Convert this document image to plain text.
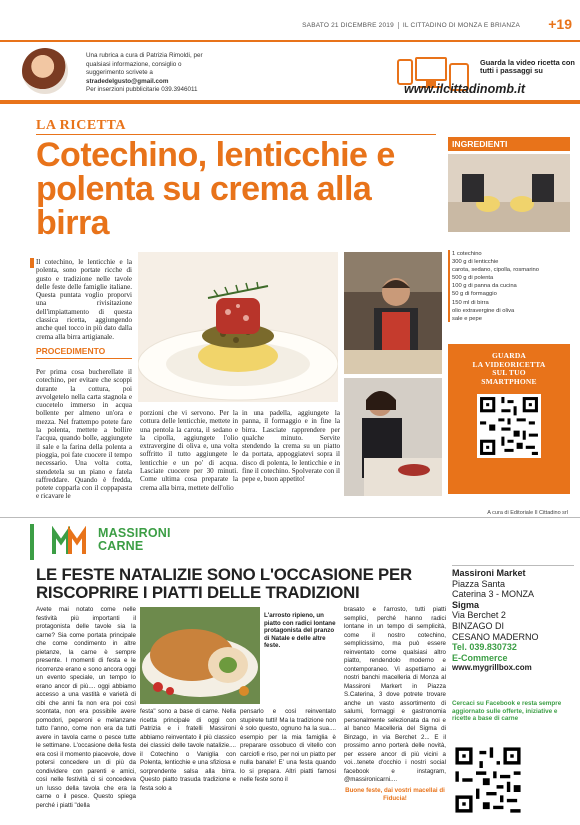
SABATO 21 DICEMBRE 2019 IL CITTADINO DI MONZA E BRIANZA +19
Una rubrica a cura di Patrizia Rimoldi, per
qualsiasi informazione, consiglio o
suggerimento scrivete a
stradedelgusto@gmail.com
Per inserzioni pubblicitarie 039.3946011
Guarda la video ricetta con tutti i passaggi su
www.ilcittadinomb.it
LA RICETTA
Cotechino, lenticchie e polenta su crema alla birra
Il cotechino, le lenticchie e la polenta, sono portate ricche di gusto e tradizione nelle tavole delle feste delle famiglie italiane. Questa puntata voglio proporvi una rivisitazione dell'impiattamento di questa classica ricetta, aggiungendo anche quel tocco in più dato dalla crema alla birra artigianale.
PROCEDIMENTO
Per prima cosa bucherellate il cotechino, per evitare che scoppi durante la cottura, poi avvolgetelo nella carta stagnola e cuocetelo immerso in acqua bollente per almeno un'ora e mezza. Nel frattempo potete fare la polenta, mettete a bollire l'acqua, quando bolle, aggiungete il sale e la farina della polenta a pioggia, poi fate cuocere il tempo necessario. Una volta cotta, stendetela su un piano e fatela raffreddare. Quando è fredda, potete copparla con il coppapasta e ricavare le
porzioni che vi servono. Per la cottura delle lenticchie, mettete in una pentola la carota, il sedano e la cipolla, aggiungete l'olio extravergine di oliva e, una volta soffritto il tutto aggiungete le lenticchie e un po' di acqua. Lasciate cuocere per 30 minuti. Come ultima cosa preparate la crema alla birra, mettete dell'olio
in una padella, aggiungete la panna, il formaggio e in fine la birra. Lasciate rapprendere per qualche minuto. Servite stendendo la crema su un piatto da portata, appoggiatevi sopra il disco di polenta, le lenticchie e in fine il cotechino. Spolverate con il pepe e, buon appetito!
INGREDIENTI
1 cotechino
300 g di lenticchie
carota, sedano, cipolla, rosmarino
500 g di polenta
100 g di panna da cucina
50 g di formaggio
150 ml di birra
olio extravergine di oliva
sale e pepe
GUARDA
LA VIDEORICETTA
SUL TUO
SMARTPHONE
A cura di Editoriale Il Cittadino srl
MASSIRONI
CARNE
LE FESTE NATALIZIE SONO L'OCCASIONE PER RISCOPRIRE I PIATTI DELLE TRADIZIONI
Avete mai notato come nelle festività più importanti il protagonista delle tavole sia la carne? Sia come portata principale che come condimento in altre pietanze, la carne è sempre presente. I momenti di festa e le ricorrenze erano e sono ancora oggi un evento speciale, un tempo lo erano ancor di più.... oggi abbiamo accesso a una vastità e varietà di cibi che anni fa non era poi così scontata, non era possibile avere pomodori, peperoni e melanzane tutto l'anno, come non era da tutti avere in tavola carne o pesce tutte le settimane. L'occasione della festa era così il momento piacevole, dove potersi concedere un di più da condividere con parenti e amici, così nelle festività ci si concedeva un lusso della tavola che era la carne o il pesce. Questo spiega perché i piatti "della
L'arrosto ripieno, un piatto con radici lontane protagonista del pranzo di Natale e delle altre feste.
festa" sono a base di carne. Nella ricetta principale di oggi con Patrizia e i fratelli Massironi abbiamo reinventato il più classico dei classici delle tavole natalizie.... il Cotechino o Vaniglia con Polenta, lenticchie e una sfiziosa e sorprendente salsa alla birra. Questo piatto trasuda tradizione e festa solo a
pensarlo e così reinventato stupirete tutti! Ma la tradizione non è solo questo, ognuno ha la sua.... esempio per la mia famiglia è preparare ossobuco di vitello con carciofi e riso, per noi un piatto per nulla banale! E' una festa quando lo si prepara. Altri piatti famosi nelle feste sono il
brasato e l'arrosto, tutti piatti semplici, perché hanno radici lontane in un tempo di semplicità, come il nostro cotechino, semplicissimo, ma può essere reinventato come qualsiasi altro piatto, rendendolo moderno e contemporaneo. Vi aspettiamo ai nostri banchi macelleria di Monza al Massironi Markert in Piazza S.Caterina, 3 dove potrete trovare anche un vasto assortimento di salumi, formaggi e gastronomia personalmente selezionata da noi e al banco Macelleria del Sigma di Binzago, in via Berchet 2... E il prossimo anno porterà delle novità, per essere ancor di più vicini a voi...tenete d'occhio i nostri social facebook e instagram, @massironicarni....
Buone feste, dai vostri macellai di Fiducia!
Massironi Market
Piazza Santa
Caterina 3 - MONZA
Sigma
Via Berchet 2
BINZAGO DI
CESANO MADERNO
Tel. 039.830732
E-Commerce
www.mygrillbox.com
Cercaci su Facebook e resta sempre aggiornato sulle offerte, iniziative e ricette a base di carne
